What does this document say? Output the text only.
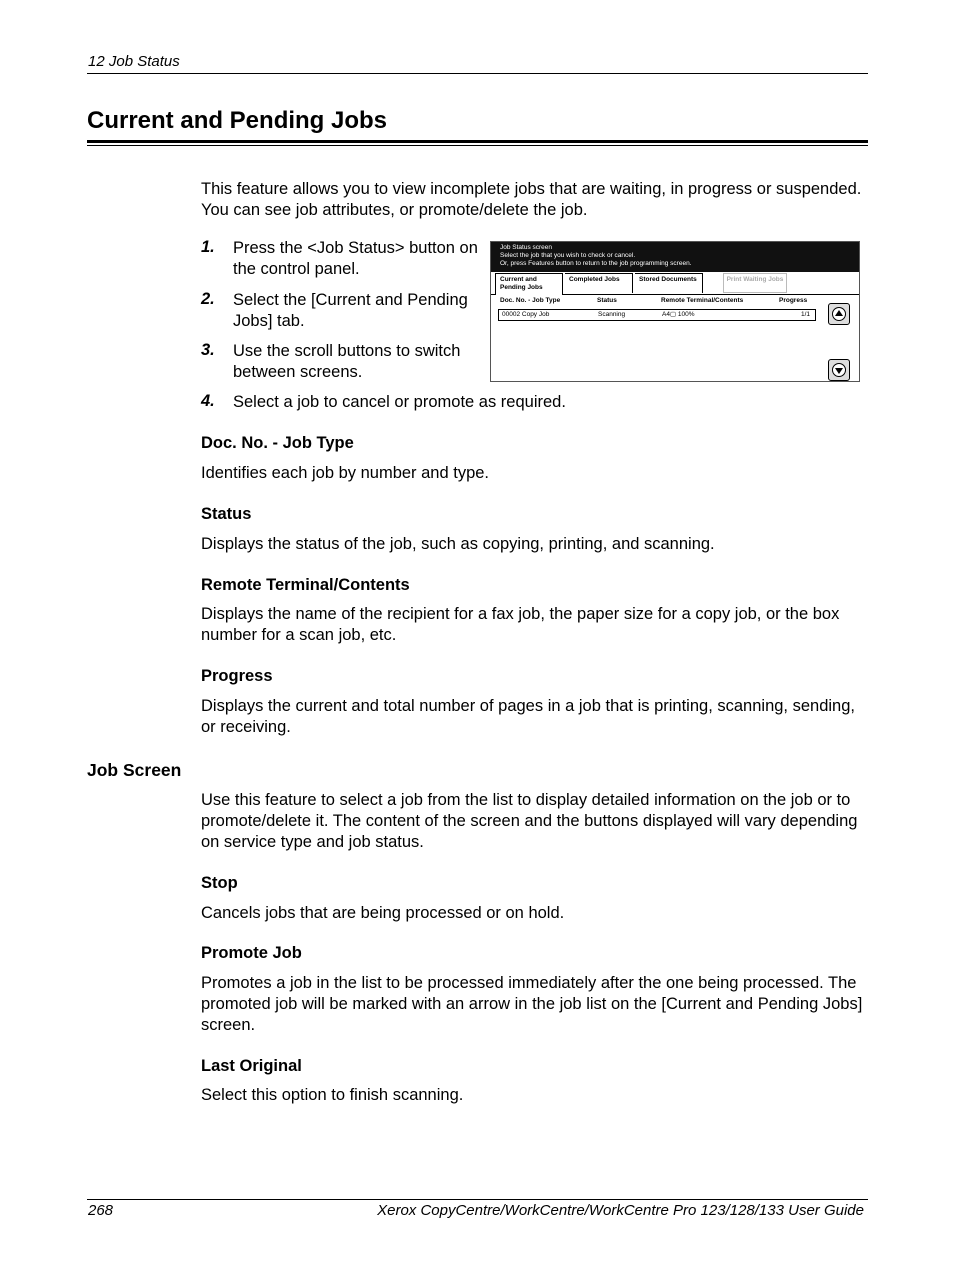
12 Job Status
Current and Pending Jobs
This feature allows you to view incomplete jobs that are waiting, in progress or suspended. You can see job attributes, or promote/delete the job.
1. Press the <Job Status> button on the control panel.
2. Select the [Current and Pending Jobs] tab.
3. Use the scroll buttons to switch between screens.
4. Select a job to cancel or promote as required.
Job Status screen
Select the job that you wish to check or cancel.
Or, press Features button to return to the job programming screen.
Current and Pending Jobs
Completed Jobs	Stored Documents	Print Waiting Jobs
Doc. No. - Job Type	Status	Remote Terminal/Contents	Progress
00002 Copy Job	Scanning	A4▢ 100%	1/1
Doc. No. - Job Type
Identifies each job by number and type.
Status
Displays the status of the job, such as copying, printing, and scanning.
Remote Terminal/Contents
Displays the name of the recipient for a fax job, the paper size for a copy job, or the box number for a scan job, etc.
Progress
Displays the current and total number of pages in a job that is printing, scanning, sending, or receiving.
Job Screen
Use this feature to select a job from the list to display detailed information on the job or to promote/delete it. The content of the screen and the buttons displayed will vary depending on service type and job status.
Stop
Cancels jobs that are being processed or on hold.
Promote Job
Promotes a job in the list to be processed immediately after the one being processed. The promoted job will be marked with an arrow in the job list on the [Current and Pending Jobs] screen.
Last Original
Select this option to finish scanning.
268	Xerox CopyCentre/WorkCentre/WorkCentre Pro 123/128/133 User Guide
